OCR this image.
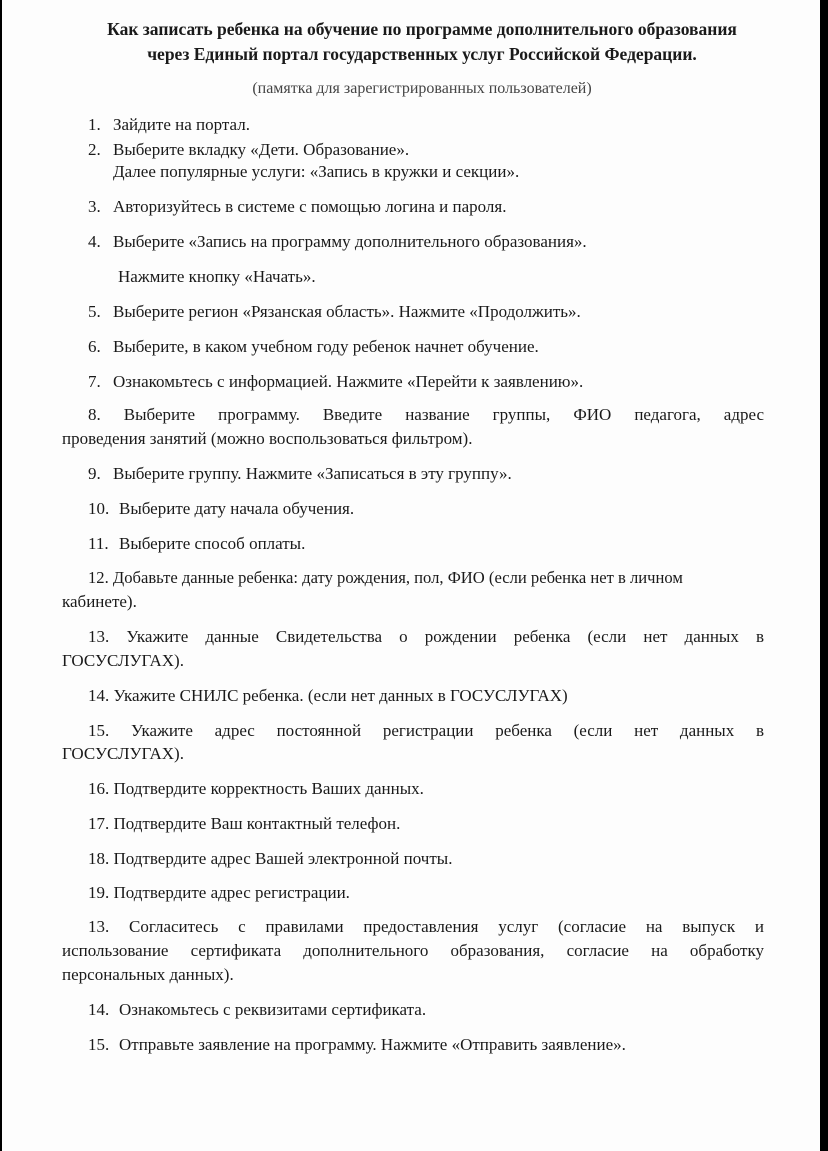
Как записать ребенка на обучение по программе дополнительного образования
через Единый портал государственных услуг Российской Федерации.
(памятка для зарегистрированных пользователей)
1. Зайдите на портал.
2. Выберите вкладку «Дети. Образование».
Далее популярные услуги: «Запись в кружки и секции».
3. Авторизуйтесь в системе с помощью логина и пароля.
4. Выберите «Запись на программу дополнительного образования».
Нажмите кнопку «Начать».
5. Выберите регион «Рязанская область». Нажмите «Продолжить».
6. Выберите, в каком учебном году ребенок начнет обучение.
7. Ознакомьтесь с информацией. Нажмите «Перейти к заявлению».
8. Выберите программу. Введите название группы, ФИО педагога, адрес
проведения занятий (можно воспользоваться фильтром).
9. Выберите группу. Нажмите «Записаться в эту группу».
10. Выберите дату начала обучения.
11. Выберите способ оплаты.
12. Добавьте данные ребенка: дату рождения, пол, ФИО (если ребенка нет в личном
кабинете).
13. Укажите данные Свидетельства о рождении ребенка (если нет данных в
ГОСУСЛУГАХ).
14. Укажите СНИЛС ребенка. (если нет данных в ГОСУСЛУГАХ)
15. Укажите адрес постоянной регистрации ребенка (если нет данных в
ГОСУСЛУГАХ).
16. Подтвердите корректность Ваших данных.
17. Подтвердите Ваш контактный телефон.
18. Подтвердите адрес Вашей электронной почты.
19. Подтвердите адрес регистрации.
13. Согласитесь с правилами предоставления услуг (согласие на выпуск и
использование сертификата дополнительного образования, согласие на обработку
персональных данных).
14. Ознакомьтесь с реквизитами сертификата.
15. Отправьте заявление на программу. Нажмите «Отправить заявление».
